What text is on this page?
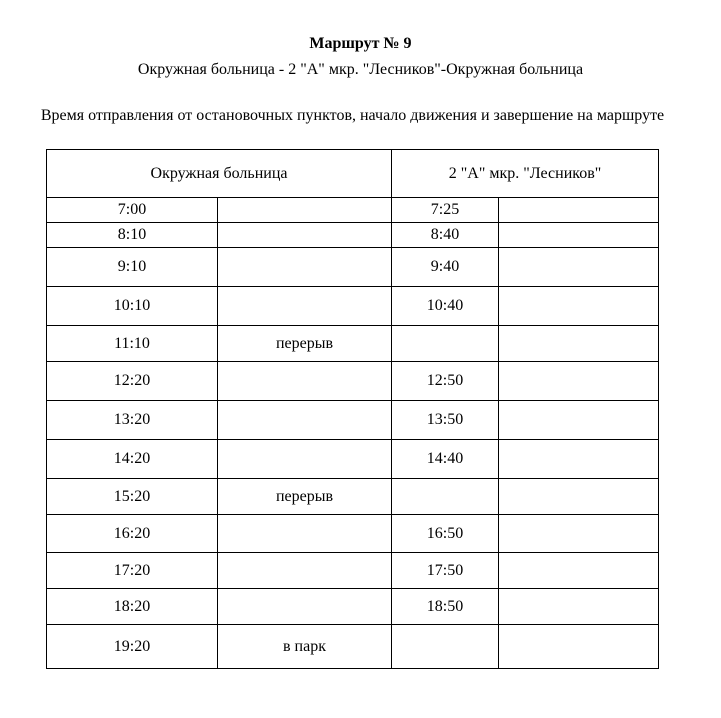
Маршрут № 9
Окружная больница - 2 "А" мкр. "Лесников"-Окружная больница

Время отправления от остановочных пунктов, начало движения и завершение на маршруте

Окружная больница		2 "А" мкр. "Лесников"	
7:00		7:25	
8:10		8:40	
9:10		9:40	
10:10		10:40	
11:10	перерыв		
12:20		12:50	
13:20		13:50	
14:20		14:40	
15:20	перерыв		
16:20		16:50	
17:20		17:50	
18:20		18:50	
19:20	в парк		
